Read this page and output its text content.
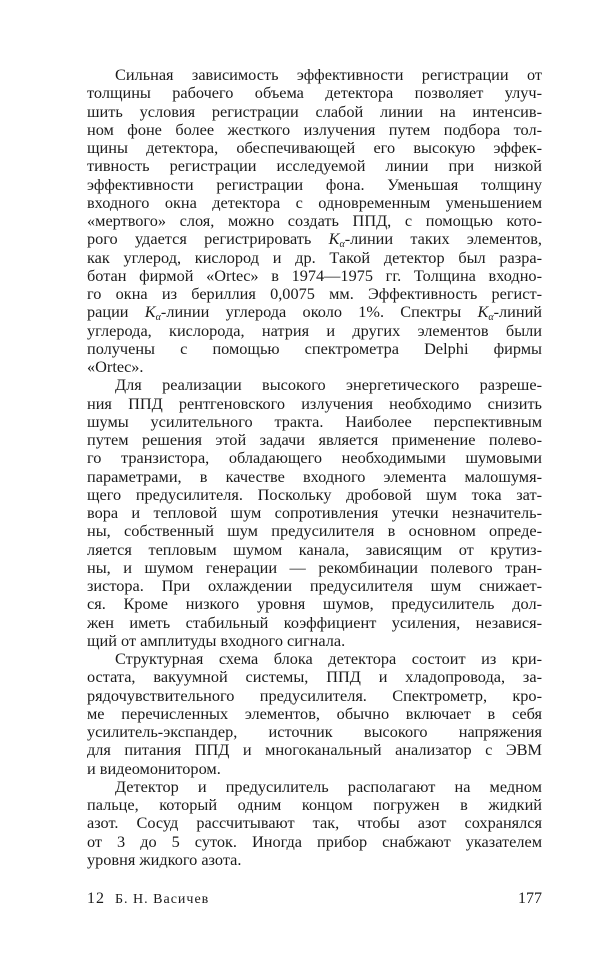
Сильная зависимость эффективности регистрации от
толщины рабочего объема детектора позволяет улуч-
шить условия регистрации слабой линии на интенсив-
ном фоне более жесткого излучения путем подбора тол-
щины детектора, обеспечивающей его высокую эффек-
тивность регистрации исследуемой линии при низкой
эффективности регистрации фона. Уменьшая толщину
входного окна детектора с одновременным уменьшением
«мертвого» слоя, можно создать ППД, с помощью кото-
рого удается регистрировать $K_\alpha$-линии таких элементов,
как углерод, кислород и др. Такой детектор был разра-
ботан фирмой «Ortec» в 1974—1975 гг. Толщина входно-
го окна из бериллия 0,0075 мм. Эффективность регист-
рации $K_\alpha$-линии углерода около 1%. Спектры $K_\alpha$-линий
углерода, кислорода, натрия и других элементов были
получены с помощью спектрометра Delphi фирмы
«Ortec».
Для реализации высокого энергетического разреше-
ния ППД рентгеновского излучения необходимо снизить
шумы усилительного тракта. Наиболее перспективным
путем решения этой задачи является применение полево-
го транзистора, обладающего необходимыми шумовыми
параметрами, в качестве входного элемента малошумя-
щего предусилителя. Поскольку дробовой шум тока зат-
вора и тепловой шум сопротивления утечки незначитель-
ны, собственный шум предусилителя в основном опреде-
ляется тепловым шумом канала, зависящим от крутиз-
ны, и шумом генерации — рекомбинации полевого тран-
зистора. При охлаждении предусилителя шум снижает-
ся. Кроме низкого уровня шумов, предусилитель дол-
жен иметь стабильный коэффициент усиления, независя-
щий от амплитуды входного сигнала.
Структурная схема блока детектора состоит из кри-
остата, вакуумной системы, ППД и хладопровода, за-
рядочувствительного предусилителя. Спектрометр, кро-
ме перечисленных элементов, обычно включает в себя
усилитель-экспандер, источник высокого напряжения
для питания ППД и многоканальный анализатор с ЭВМ
и видеомонитором.
Детектор и предусилитель располагают на медном
пальце, который одним концом погружен в жидкий
азот. Сосуд рассчитывают так, чтобы азот сохранялся
от 3 до 5 суток. Иногда прибор снабжают указателем
уровня жидкого азота.
12 Б. Н. Васичев	177
